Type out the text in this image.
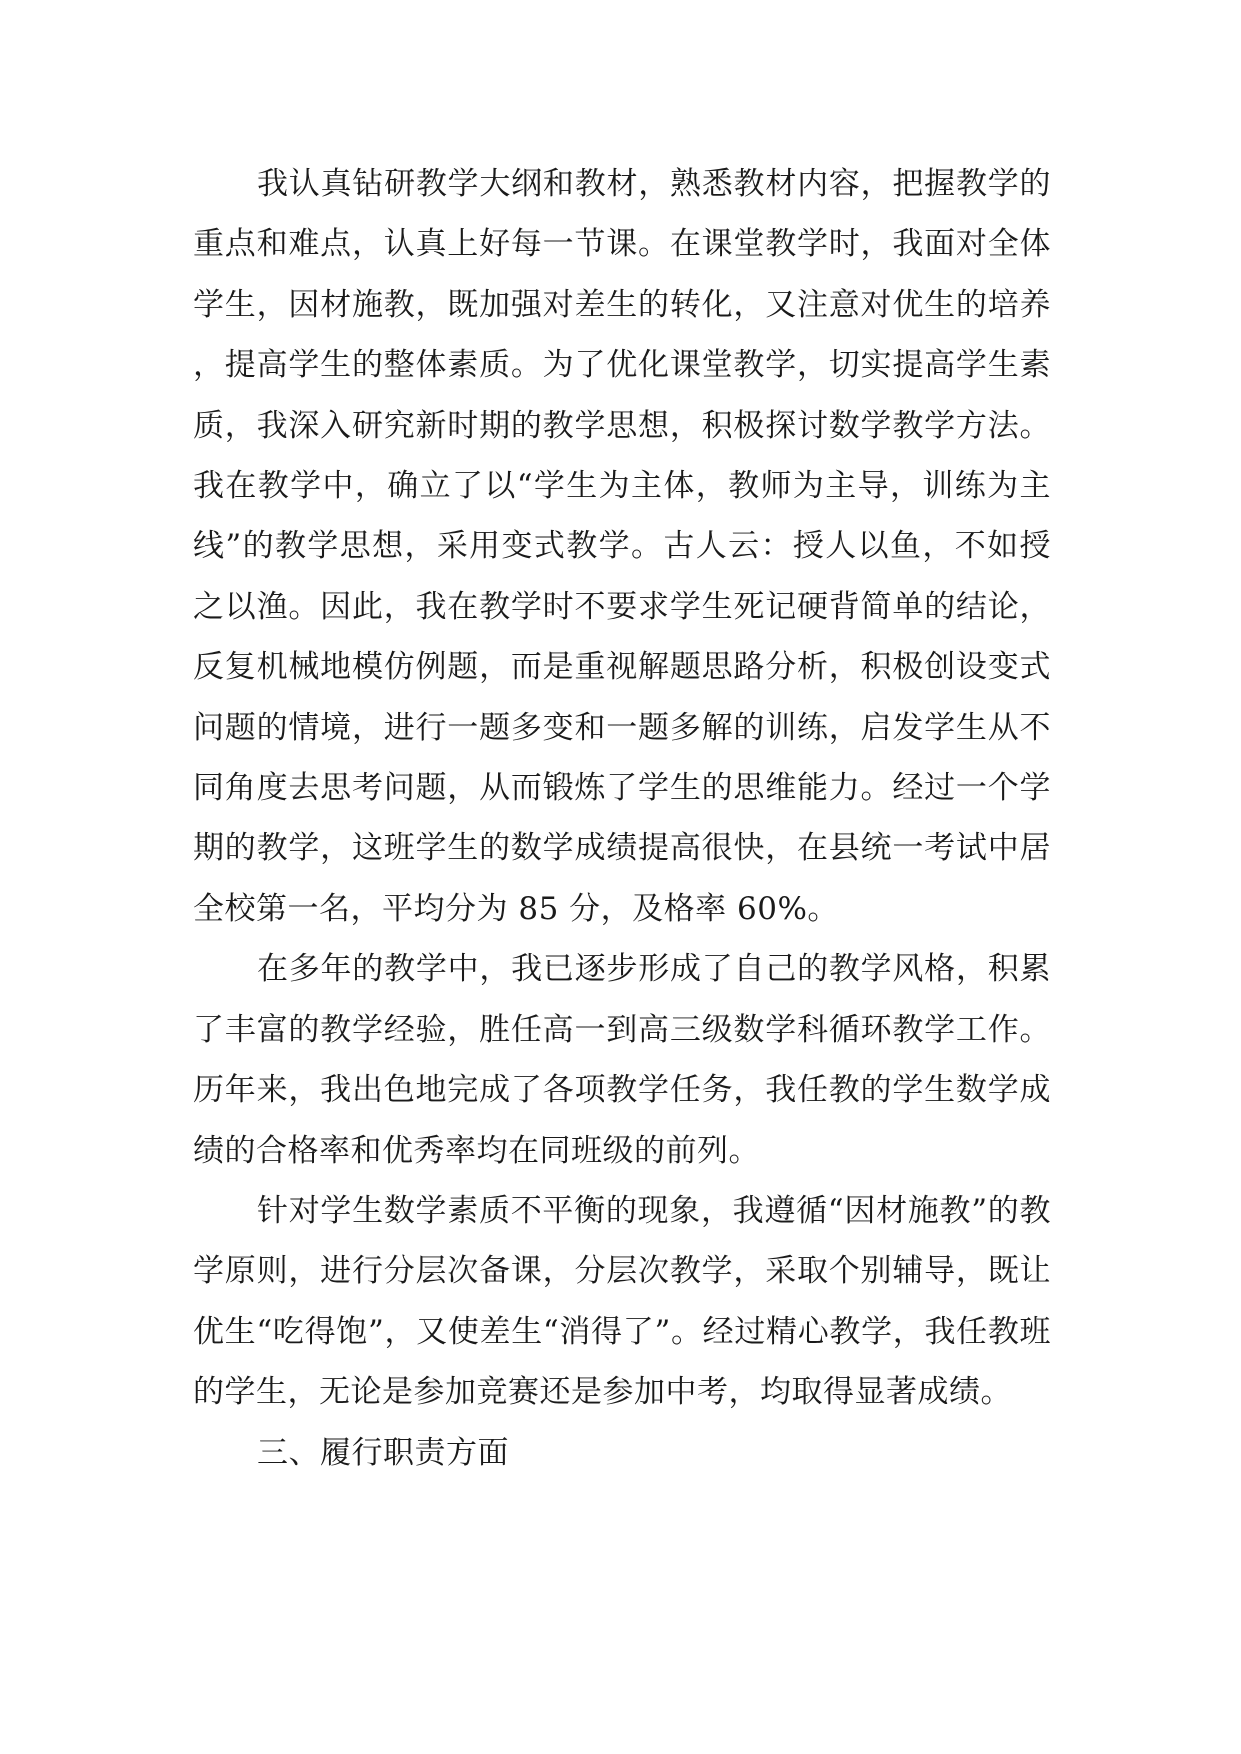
我认真钻研教学大纲和教材，熟悉教材内容，把握教学的重点和难点，认真上好每一节课。在课堂教学时，我面对全体学生，因材施教，既加强对差生的转化，又注意对优生的培养，提高学生的整体素质。为了优化课堂教学，切实提高学生素质，我深入研究新时期的教学思想，积极探讨数学教学方法。我在教学中，确立了以“学生为主体，教师为主导，训练为主线”的教学思想，采用变式教学。古人云：授人以鱼，不如授之以渔。因此，我在教学时不要求学生死记硬背简单的结论，反复机械地模仿例题，而是重视解题思路分析，积极创设变式问题的情境，进行一题多变和一题多解的训练，启发学生从不同角度去思考问题，从而锻炼了学生的思维能力。经过一个学期的教学，这班学生的数学成绩提高很快，在县统一考试中居全校第一名，平均分为 85 分，及格率 60%。

在多年的教学中，我已逐步形成了自己的教学风格，积累了丰富的教学经验，胜任高一到高三级数学科循环教学工作。历年来，我出色地完成了各项教学任务，我任教的学生数学成绩的合格率和优秀率均在同班级的前列。

针对学生数学素质不平衡的现象，我遵循“因材施教”的教学原则，进行分层次备课，分层次教学，采取个别辅导，既让优生“吃得饱”，又使差生“消得了”。经过精心教学，我任教班的学生，无论是参加竞赛还是参加中考，均取得显著成绩。

三、履行职责方面
